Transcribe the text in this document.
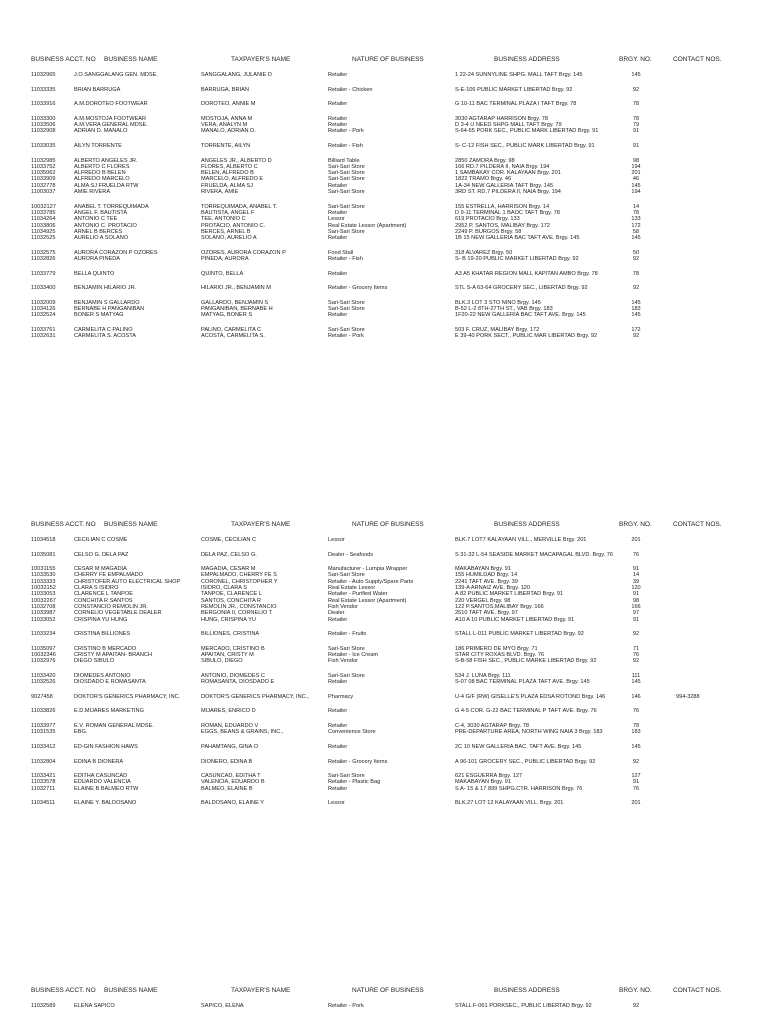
BUSINESS ACCT. NO BUSINESS NAME	TAXPAYER'S NAME	NATURE OF BUSINESS	BUSINESS ADDRESS	BRGY. NO.	CONTACT NOS.
11032965	J.O.SANGGALANG GEN. MDSE.	SANGGALANG, JULANIE D	Retailer	1 22-24 SUNNYLINE SHPG. MALL TAFT Brgy. 145	145
11033335	BRIAN BARRUGA	BARRUGA, BRIAN	Retailer - Chicken	S-E-106 PUBLIC MARKET LIBERTAD Brgy. 92	92
11033916	A.M.DOROTEO FOOTWEAR	DOROTEO, ANNIE M	Retailer	G 10-11 BAC TERMINAL PLAZA I TAFT Brgy. 78	78
11033300	A.M.MOSTOJA FOOTWEAR	MOSTOJA, ANNA M	Retailer	3030 AGTARAP HARRISON Brgy. 78	78
11033506	A.M.VERA GENERAL MDSE.	VERA, ANALYN M	Retailer	D 3-4 U NEED SHPG MALL TAFT Brgy. 79	79
11032908	ADRIAN D. MANALO	MANALO, ADRIAN D.	Retailer - Pork	S-64-65 PORK SEC., PUBLIC MARK LIBERTAD Brgy. 91	91
11033035	AILYN TORRENTE	TORRENTE, AILYN	Retailer - Fish	S- C-12 FISH SEC., PUBLIC MARK LIBERTAD Brgy. 91	91
11032985	ALBERTO ANGELES JR.	ANGELES JR., ALBERTO D	Billiard Table	2850 ZAMORA Brgy. 98	98
11033752	ALBERTO C FLORES	FLORES, ALBERTO C	Sari-Sari Store	166 RD.7 PILDERA II, NAIA Brgy. 194	194
11035062	ALFREDO B BELEN	BELEN, ALFREDO B	Sari-Sari Store	1 SAMBAKAY COR. KALAYAAN Brgy. 201	201
11033909	ALFREDO MARCELO	MARCELO, ALFREDO E	Sari-Sari Store	1822 TRAMO Brgy. 46	46
11032778	ALMA SJ FRUELDA RTW	FRUELDA, ALMA SJ	Retailer	1A-34 NEW GALLERIA TAFT Brgy. 145	145
11003037	AMIE RIVERA	RIVERA, AMIE	Sari-Sari Store	3RD ST. RD.7 PILDERA II, NAIA Brgy. 194	194
10032127	ANABEL T. TORREQUIMADA	TORREQUIMADA, ANABEL T.	Sari-Sari Store	155 ESTRELLA, HARRISON Brgy. 14	14
11033785	ANGEL F. BAUTISTA	BAUTISTA, ANGEL F	Retailer	D 9-11 TERMINAL 1 BAOC TAFT Brgy. 78	78
11034264	ANTONIO C TEE	TEE, ANTONIO C	Lessor	619 PROTACIO Brgy. 133	133
11033806	ANTONIO C. PROTACIO	PROTACIO, ANTONIO C.	Real Estate Lessor (Apartment)	2952 P. SANTOS, MALIBAY Brgy. 172	172
11034925	ARNEL B BERCES	BERCES, ARNEL B	Sari-Sari Store	2249 P. BURGOS Brgy. 58	58
11032525	AURELIO A SOLANO	SOLANO, AURELIO A	Retailer	1B 15 NEW GALLERIA BAC TAFT AVE. Brgy. 145	145
11032575	AURORA CORAZON P OZORES	OZORES, AURORA CORAZON P	Food Stall	318 ALVAREZ Brgy. 50	50
11032826	AURORA PINEDA	PINEDA, AURORA	Retailer - Fish	S- B 19-20 PUBLIC MARKET LIBERTAD Brgy. 92	92
11033779	BELLA QUINTO	QUINTO, BELLA	Retailer	A3 A5 KHATAR REGION MALL KAPITAN AMBO Brgy. 78	78
11033400	BENJAMIN HILARIO JR.	HILARIO JR., BENJAMIN M	Retailer - Grocery Items	STL S-A 63-64 GROCERY SEC., LIBERTAD Brgy. 92	92
11032009	BENJAMIN S GALLARDO	GALLARDO, BENJAMIN S	Sari-Sari Store	BLK.3 LOT 3 STO NINO Brgy. 145	145
11034126	BERNABE H PANGANIBAN	PANGANIBAN, BERNABE H	Sari-Sari Store	B-52 L-2 8TH-27TH ST., VAB Brgy. 183	183
11032524	BONER S MATYAG	MATYAG, BONER S	Retailer	1F20-22 NEW GALLERIA BAC TAFT AVE. Brgy. 145	145
11033761	CARMELITA C PALINO	PALINO, CARMELITA C	Sari-Sari Store	503 F. CRUZ, MALIBAY Brgy. 172	172
11032631	CARMELITA S. ACOSTA	ACOSTA, CARMELITA S.	Retailer - Pork	E 39-40 PORK SECT., PUBLIC MAR LIBERTAD Brgy. 92	92
BUSINESS ACCT. NO BUSINESS NAME	TAXPAYER'S NAME	NATURE OF BUSINESS	BUSINESS ADDRESS	BRGY. NO.	CONTACT NOS.
11034518	CECILIAN C COSME	COSME, CECILIAN C	Lessor	BLK.7 LOT7 KALAYAAN VILL., MERVILLE Brgy. 201	201
11035081	CELSO G. DELA PAZ	DELA PAZ, CELSO G.	Dealer - Seafoods	S 31-32 L-54 SEASIDE MARKET MACAPAGAL BLVD. Brgy. 76	76
10031155	CESAR M MAGADIA	MAGADIA, CESAR M	Manufacturer - Lumpia Wrapper	MAKABAYAN Brgy. 91	91
11033530	CHERRY FE EMPALMADO	EMPALMADO, CHERRY FE S	Sari-Sari Store	155 HUMILDAD Brgy. 14	14
11033333	CHRISTOFER AUTO ELECTRICAL SHOP	CORONEL, CHRISTOPHER Y	Retailer - Auto Supply/Spare Parts	2241 TAFT AVE. Brgy. 39	39
10032152	CLARA S ISIDRO	ISIDRO, CLARA S	Real Estate Lessor	139-A ARNAIZ AVE. Brgy. 120	120
11033053	CLARENCE L TANPOE	TANPOE, CLARENCE L	Retailer - Purified Water	A 82 PUBLIC MARKET LIBERTAD Brgy. 91	91
10032267	CONCHITA R SANTOS	SANTOS, CONCHITA R	Real Estate Lessor (Apartment)	220 VERGEL Brgy. 98	98
11032708	CONSTANCIO REMOLIN JR.	REMOLIN JR., CONSTANCIO	Fish Vendor	122 P.SANTOS,MALIBAY Brgy. 166	166
11033987	CORNELIO VEGETABLE DEALER	BERGONIA II, CORNELIO T	Dealer	2610 TAFT AVE. Brgy. 97	97
11033052	CRISPINA YU HUNG	HUNG, CRISPINA YU	Retailer	A10 A 10 PUBLIC MARKET LIBERTAD Brgy. 91	91
11033234	CRISTINA BILLIONES	BILLIONES, CRISTINA	Retailer - Fruits	STALL L-011 PUBLIC MARKET LIBERTAD Brgy. 92	92
11035097	CRISTINO B MERCADO	MERCADO, CRISTINO B	Sari-Sari Store	186 PRIMERO DE MYO Brgy. 71	71
10032346	CRISTY M APAITAN- BRANCH	APAITAN, CRISTY M	Retailer - Ice Cream	STAR CITY ROXAS BLVD. Brgy. 76	76
11032976	DIEGO SIBULO	SIBULO, DIEGO	Fish Vendor	S-B-58 FISH SEC., PUBLIC MARKE LIBERTAD Brgy. 92	92
11033420	DIOMEDES ANTONIO	ANTONIO, DIOMEDES C	Sari-Sari Store	534 J. LUNA Brgy. 111	111
11032526	DIOSDADO E ROMASANTA	ROMASANTA, DIOSDADO E	Retailer	S-07 08 BAC TERMINAL PLAZA TAFT AVE. Brgy. 145	145
9027458	DOKTOR'S GENERICS PHARMACY, INC.	DOKTOR'S GENERICS PHARMACY, INC.,	Pharmacy	U-4 G/F (RW) GISELLE'S PLAZA EDSA ROTOND Brgy. 146	146	994-3288
11033826	E.D.MIJARES MARKETING	MIJARES, ENRICO D	Retailer	G 4-5 COR. G-22 BAC TERMINAL P TAFT AVE. Brgy. 76	76
11033977	E.V. ROMAN GENERAL MDSE.	ROMAN, EDUARDO V	Retailer	C-4, 3030 AGTARAP Brgy. 78	78
11031535	EBG.	EGGS, BEANS & GRAINS, INC.,	Convenience Store	PRE-DEPARTURE AREA, NORTH WING NAIA 3 Brgy. 183	183
11033412	ED-GIN FASHION HAWS	PAHAMTANG, GINA O	Retailer	2C 10 NEW GALLERIA BAC. TAFT AVE. Brgy. 145	145
11032804	EDINA B DIONERA	DIONERO, EDINA B	Retailer - Grocery Items	A 96-101 GROCERY SEC., PUBLIC LIBERTAD Brgy. 92	92
11033421	EDITHA CASUNCAD	CASUNCAD, EDITHA T	Sari-Sari Store	621 ESGUERRA Brgy. 127	127
11033578	EDUARDO VALENCIA	VALENCIA, EDUARDO B	Retailer - Plastic Bag	MAKABAYAN Brgy. 91	91
11032711	ELAINE B BALMEO RTW	BALMEO, ELAINE B	Retailer	S A- 15 & 17 899 SHPG.CTR. HARRISON Brgy. 76	76
11034511	ELAINE Y. BALDOSANO	BALDOSANO, ELAINE Y	Lessor	BLK.27 LOT 12 KALAYAAN VILL. Brgy. 201	201
BUSINESS ACCT. NO BUSINESS NAME	TAXPAYER'S NAME	NATURE OF BUSINESS	BUSINESS ADDRESS	BRGY. NO.	CONTACT NOS.
11032589	ELENA SAPICO	SAPICO, ELENA	Retailer - Pork	STALL F-061 PORKSEC., PUBLIC LIBERTAD Brgy. 92	92
